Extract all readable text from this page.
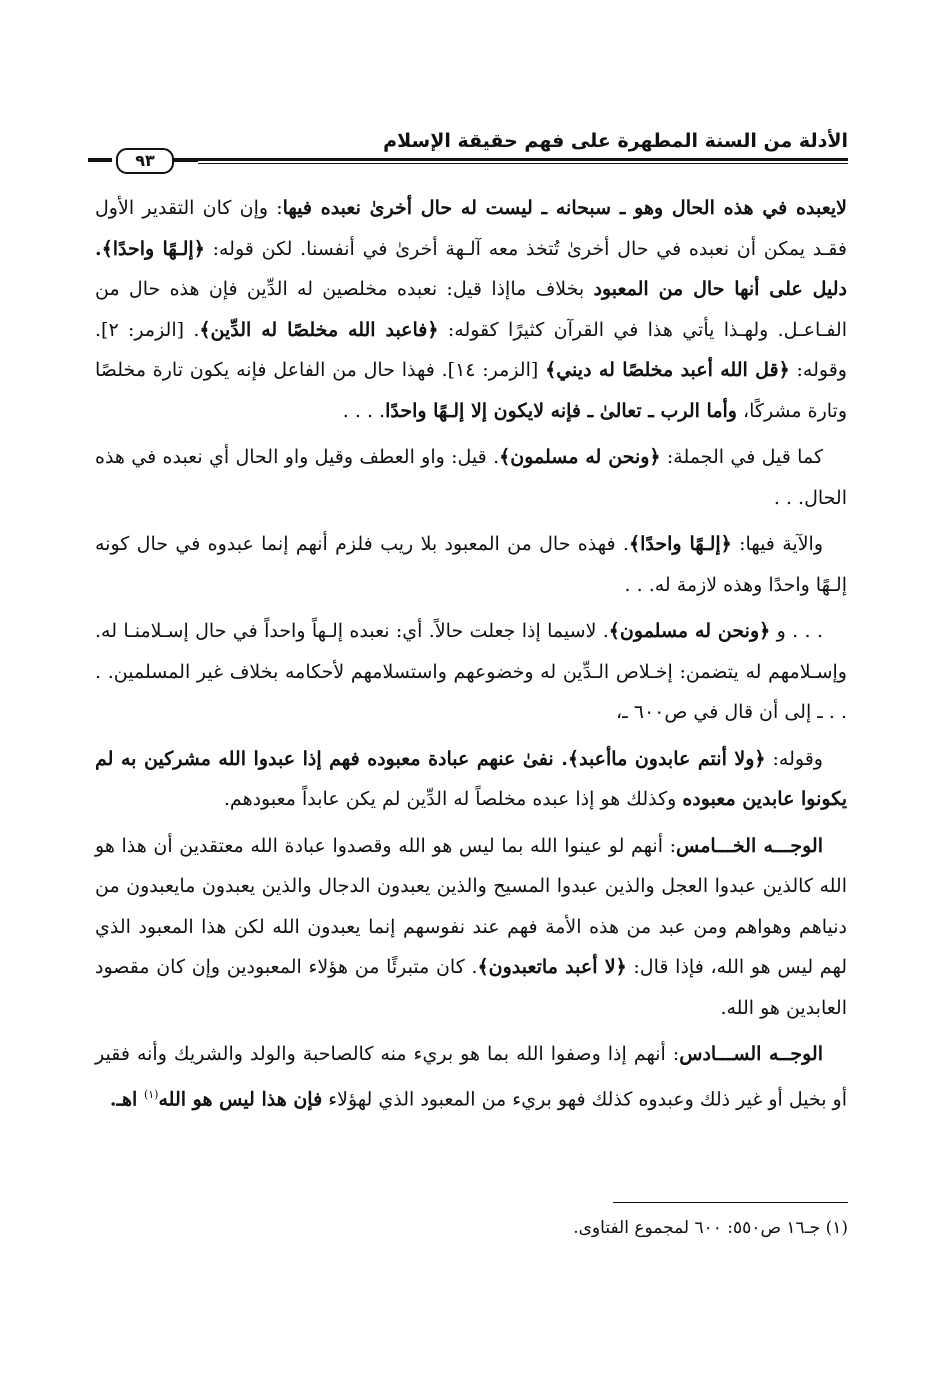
الأدلة من السنة المطهرة على فهم حقيقة الإسلام
٩٣

لايعبده في هذه الحال وهو ـ سبحانه ـ ليست له حال أخرىٰ نعبده فيها: وإن كان التقدير الأول فقـد يمكن أن نعبده في حال أخرىٰ تُتخذ معه آلـهة أخرىٰ في أنفسنا. لكن قوله: ﴿إلـهًا واحدًا﴾. دليل على أنها حال من المعبود بخلاف ماإذا قيل: نعبده مخلصين له الدِّين فإن هذه حال من الفـاعـل. ولهـذا يأتي هذا في القرآن كثيرًا كقوله: ﴿فاعبد الله مخلصًا له الدِّين﴾. [الزمر: ٢]. وقوله: ﴿قل الله أعبد مخلصًا له ديني﴾ [الزمر: ١٤]. فهذا حال من الفاعل فإنه يكون تارة مخلصًا وتارة مشركًا، وأما الرب ـ تعالىٰ ـ فإنه لايكون إلا إلـهًا واحدًا. . . .

كما قيل في الجملة: ﴿ونحن له مسلمون﴾. قيل: واو العطف وقيل واو الحال أي نعبده في هذه الحال. . .

والآية فيها: ﴿إلـهًا واحدًا﴾. فهذه حال من المعبود بلا ريب فلزم أنهم إنما عبدوه في حال كونه إلـهًا واحدًا وهذه لازمة له. . .

. . . و ﴿ونحن له مسلمون﴾. لاسيما إذا جعلت حالاً. أي: نعبده إلـهاً واحداً في حال إسـلامنـا له. وإسـلامهم له يتضمن: إخـلاص الـدِّين له وخضوعهم واستسلامهم لأحكامه بخلاف غير المسلمين. . . . ـ إلى أن قال في ص٦٠٠ ـ،

وقوله: ﴿ولا أنتم عابدون ماأعبد﴾. نفىٰ عنهم عبادة معبوده فهم إذا عبدوا الله مشركين به لم يكونوا عابدين معبوده وكذلك هو إذا عبده مخلصاً له الدِّين لم يكن عابداً معبودهم.

الوجـــه الخـــامس: أنهم لو عينوا الله بما ليس هو الله وقصدوا عبادة الله معتقدين أن هذا هو الله كالذين عبدوا العجل والذين عبدوا المسيح والذين يعبدون الدجال والذين يعبدون مايعبدون من دنياهم وهواهم ومن عبد من هذه الأمة فهم عند نفوسهم إنما يعبدون الله لكن هذا المعبود الذي لهم ليس هو الله، فإذا قال: ﴿لا أعبد ماتعبدون﴾. كان متبرئًا من هؤلاء المعبودين وإن كان مقصود العابدين هو الله.

الوجــه الســـادس: أنهم إذا وصفوا الله بما هو بريء منه كالصاحبة والولد والشريك وأنه فقير أو بخيل أو غير ذلك وعبدوه كذلك فهو بريء من المعبود الذي لهؤلاء فإن هذا ليس هو الله$^{(١)}$ اهـ.

(١) جـ١٦ ص٥٥٠: ٦٠٠ لمجموع الفتاوى.
